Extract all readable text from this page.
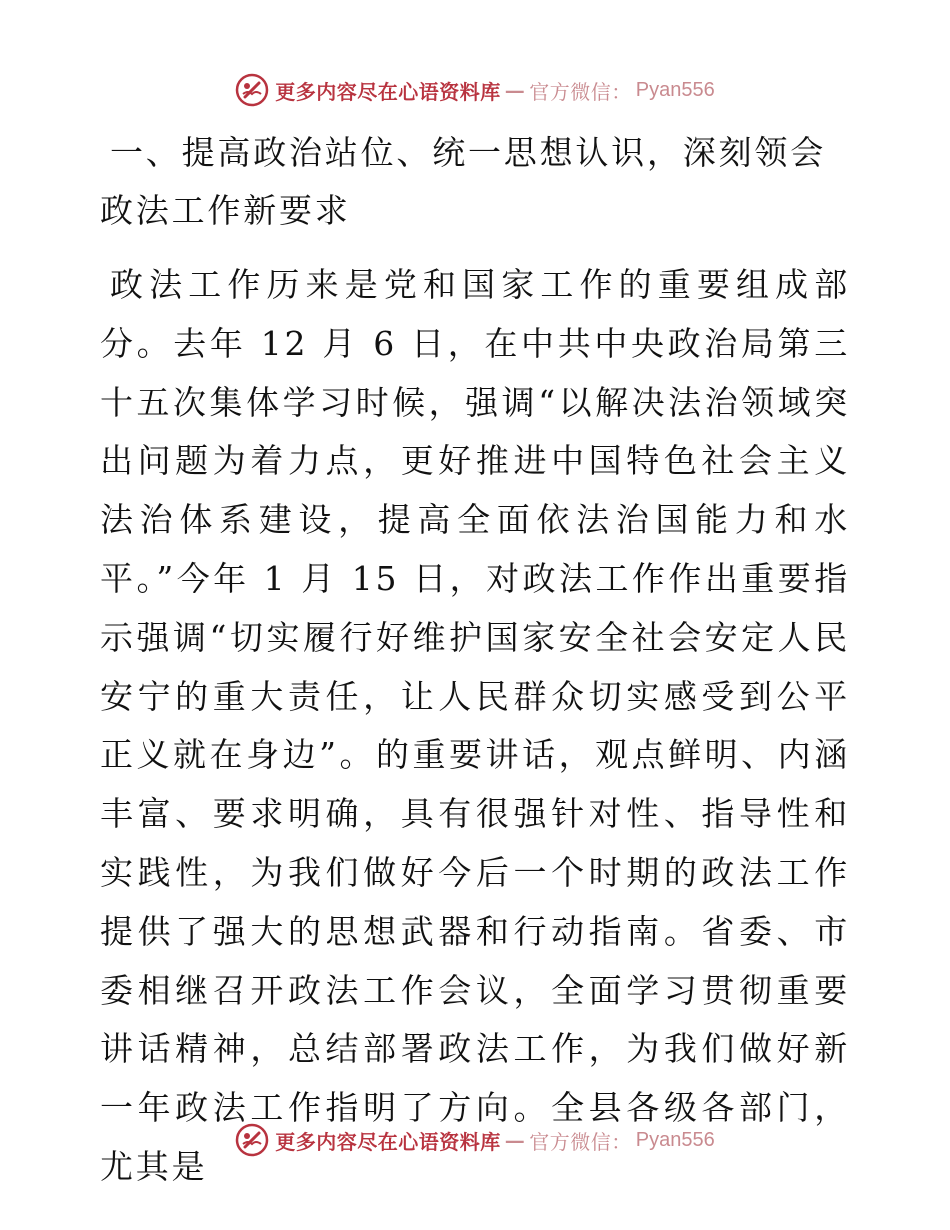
更多内容尽在心语资料库 — 官方微信： Pyan556
一、提高政治站位、统一思想认识，深刻领会政法工作新要求

政法工作历来是党和国家工作的重要组成部分。去年 12 月 6 日，在中共中央政治局第三十五次集体学习时候，强调“以解决法治领域突出问题为着力点，更好推进中国特色社会主义法治体系建设，提高全面依法治国能力和水平。”今年 1 月 15 日，对政法工作作出重要指示强调“切实履行好维护国家安全社会安定人民安宁的重大责任，让人民群众切实感受到公平正义就在身边”。的重要讲话，观点鲜明、内涵丰富、要求明确，具有很强针对性、指导性和实践性，为我们做好今后一个时期的政法工作提供了强大的思想武器和行动指南。省委、市委相继召开政法工作会议，全面学习贯彻重要讲话精神，总结部署政法工作，为我们做好新一年政法工作指明了方向。全县各级各部门，尤其是

更多内容尽在心语资料库 — 官方微信： Pyan556
